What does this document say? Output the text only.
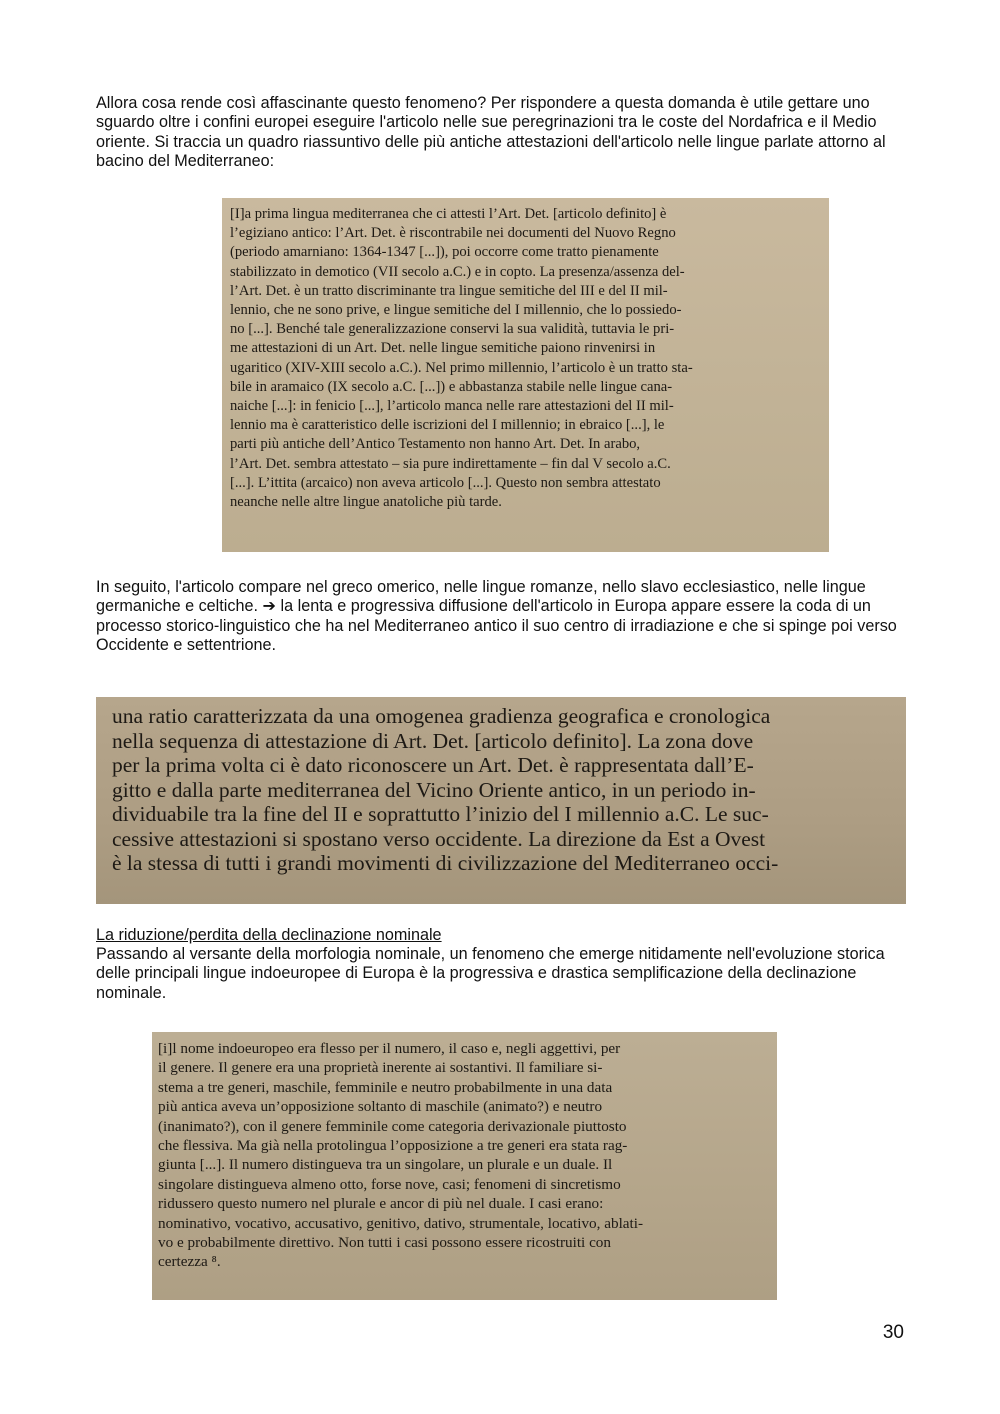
Allora cosa rende così affascinante questo fenomeno? Per rispondere a questa domanda è utile gettare uno sguardo oltre i confini europei eseguire l'articolo nelle sue peregrinazioni tra le coste del Nordafrica e il Medio oriente. Si traccia un quadro riassuntivo delle più antiche attestazioni dell'articolo nelle lingue parlate attorno al bacino del Mediterraneo:

[I]a prima lingua mediterranea che ci attesti l’Art. Det. [articolo definito] è
l’egiziano antico: l’Art. Det. è riscontrabile nei documenti del Nuovo Regno
(periodo amarniano: 1364-1347 [...]), poi occorre come tratto pienamente
stabilizzato in demotico (VII secolo a.C.) e in copto. La presenza/assenza del-
l’Art. Det. è un tratto discriminante tra lingue semitiche del III e del II mil-
lennio, che ne sono prive, e lingue semitiche del I millennio, che lo possiedo-
no [...]. Benché tale generalizzazione conservi la sua validità, tuttavia le pri-
me attestazioni di un Art. Det. nelle lingue semitiche paiono rinvenirsi in
ugaritico (XIV-XIII secolo a.C.). Nel primo millennio, l’articolo è un tratto sta-
bile in aramaico (IX secolo a.C. [...]) e abbastanza stabile nelle lingue cana-
naiche [...]: in fenicio [...], l’articolo manca nelle rare attestazioni del II mil-
lennio ma è caratteristico delle iscrizioni del I millennio; in ebraico [...], le
parti più antiche dell’Antico Testamento non hanno Art. Det. In arabo,
l’Art. Det. sembra attestato – sia pure indirettamente – fin dal V secolo a.C.
[...]. L’ittita (arcaico) non aveva articolo [...]. Questo non sembra attestato
neanche nelle altre lingue anatoliche più tarde.

In seguito, l'articolo compare nel greco omerico, nelle lingue romanze, nello slavo ecclesiastico, nelle lingue germaniche e celtiche. ➔ la lenta e progressiva diffusione dell'articolo in Europa appare essere la coda di un processo storico-linguistico che ha nel Mediterraneo antico il suo centro di irradiazione e che si spinge poi verso Occidente e settentrione.

una ratio caratterizzata da una omogenea gradienza geografica e cronologica
nella sequenza di attestazione di Art. Det. [articolo definito]. La zona dove
per la prima volta ci è dato riconoscere un Art. Det. è rappresentata dall’E-
gitto e dalla parte mediterranea del Vicino Oriente antico, in un periodo in-
dividuabile tra la fine del II e soprattutto l’inizio del I millennio a.C. Le suc-
cessive attestazioni si spostano verso occidente. La direzione da Est a Ovest
è la stessa di tutti i grandi movimenti di civilizzazione del Mediterraneo occi-

La riduzione/perdita della declinazione nominale

Passando al versante della morfologia nominale, un fenomeno che emerge nitidamente nell'evoluzione storica delle principali lingue indoeuropee di Europa è la progressiva e drastica semplificazione della declinazione nominale.

[i]l nome indoeuropeo era flesso per il numero, il caso e, negli aggettivi, per
il genere. Il genere era una proprietà inerente ai sostantivi. Il familiare si-
stema a tre generi, maschile, femminile e neutro probabilmente in una data
più antica aveva un’opposizione soltanto di maschile (animato?) e neutro
(inanimato?), con il genere femminile come categoria derivazionale piuttosto
che flessiva. Ma già nella protolingua l’opposizione a tre generi era stata rag-
giunta [...]. Il numero distingueva tra un singolare, un plurale e un duale. Il
singolare distingueva almeno otto, forse nove, casi; fenomeni di sincretismo
ridussero questo numero nel plurale e ancor di più nel duale. I casi erano:
nominativo, vocativo, accusativo, genitivo, dativo, strumentale, locativo, ablati-
vo e probabilmente direttivo. Non tutti i casi possono essere ricostruiti con
certezza ⁸.
30
